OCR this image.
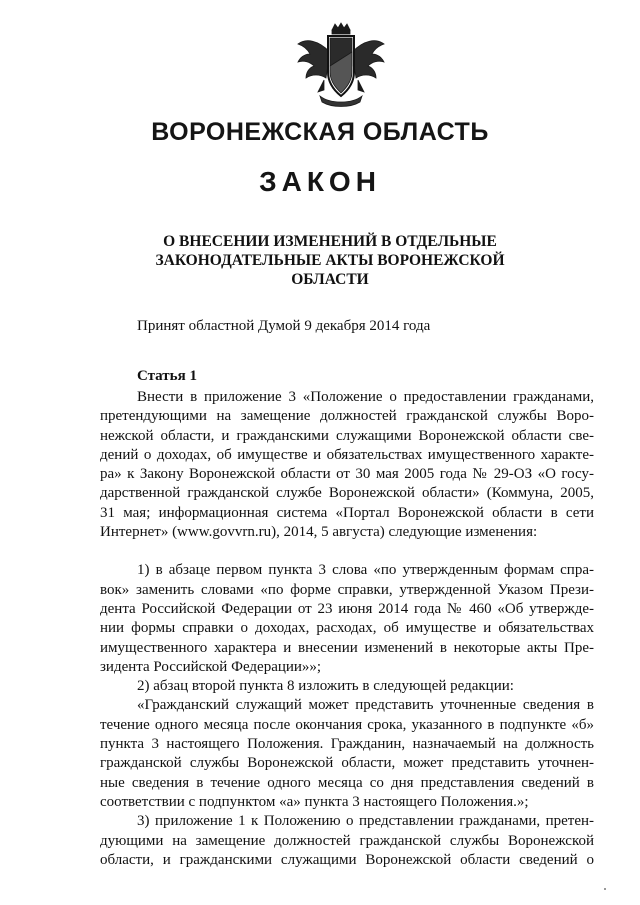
ВОРОНЕЖСКАЯ ОБЛАСТЬ
ЗАКОН
О ВНЕСЕНИИ ИЗМЕНЕНИЙ В ОТДЕЛЬНЫЕ
ЗАКОНОДАТЕЛЬНЫЕ АКТЫ ВОРОНЕЖСКОЙ
ОБЛАСТИ
Принят областной Думой 9 декабря 2014 года
Статья 1
Внести в приложение 3 «Положение о предоставлении гражданами,
претендующими на замещение должностей гражданской службы Воро-
нежской области, и гражданскими служащими Воронежской области све-
дений о доходах, об имуществе и обязательствах имущественного характе-
ра» к Закону Воронежской области от 30 мая 2005 года № 29-ОЗ «О госу-
дарственной гражданской службе Воронежской области» (Коммуна, 2005,
31 мая; информационная система «Портал Воронежской области в сети
Интернет» (www.govvrn.ru), 2014, 5 августа) следующие изменения:
1) в абзаце первом пункта 3 слова «по утвержденным формам спра-
вок» заменить словами «по форме справки, утвержденной Указом Прези-
дента Российской Федерации от 23 июня 2014 года № 460 «Об утвержде-
нии формы справки о доходах, расходах, об имуществе и обязательствах
имущественного характера и внесении изменений в некоторые акты Пре-
зидента Российской Федерации»»;
2) абзац второй пункта 8 изложить в следующей редакции:
«Гражданский служащий может представить уточненные сведения в
течение одного месяца после окончания срока, указанного в подпункте «б»
пункта 3 настоящего Положения. Гражданин, назначаемый на должность
гражданской службы Воронежской области, может представить уточнен-
ные сведения в течение одного месяца со дня представления сведений в
соответствии с подпунктом «а» пункта 3 настоящего Положения.»;
3) приложение 1 к Положению о представлении гражданами, претен-
дующими на замещение должностей гражданской службы Воронежской
области, и гражданскими служащими Воронежской области сведений о
